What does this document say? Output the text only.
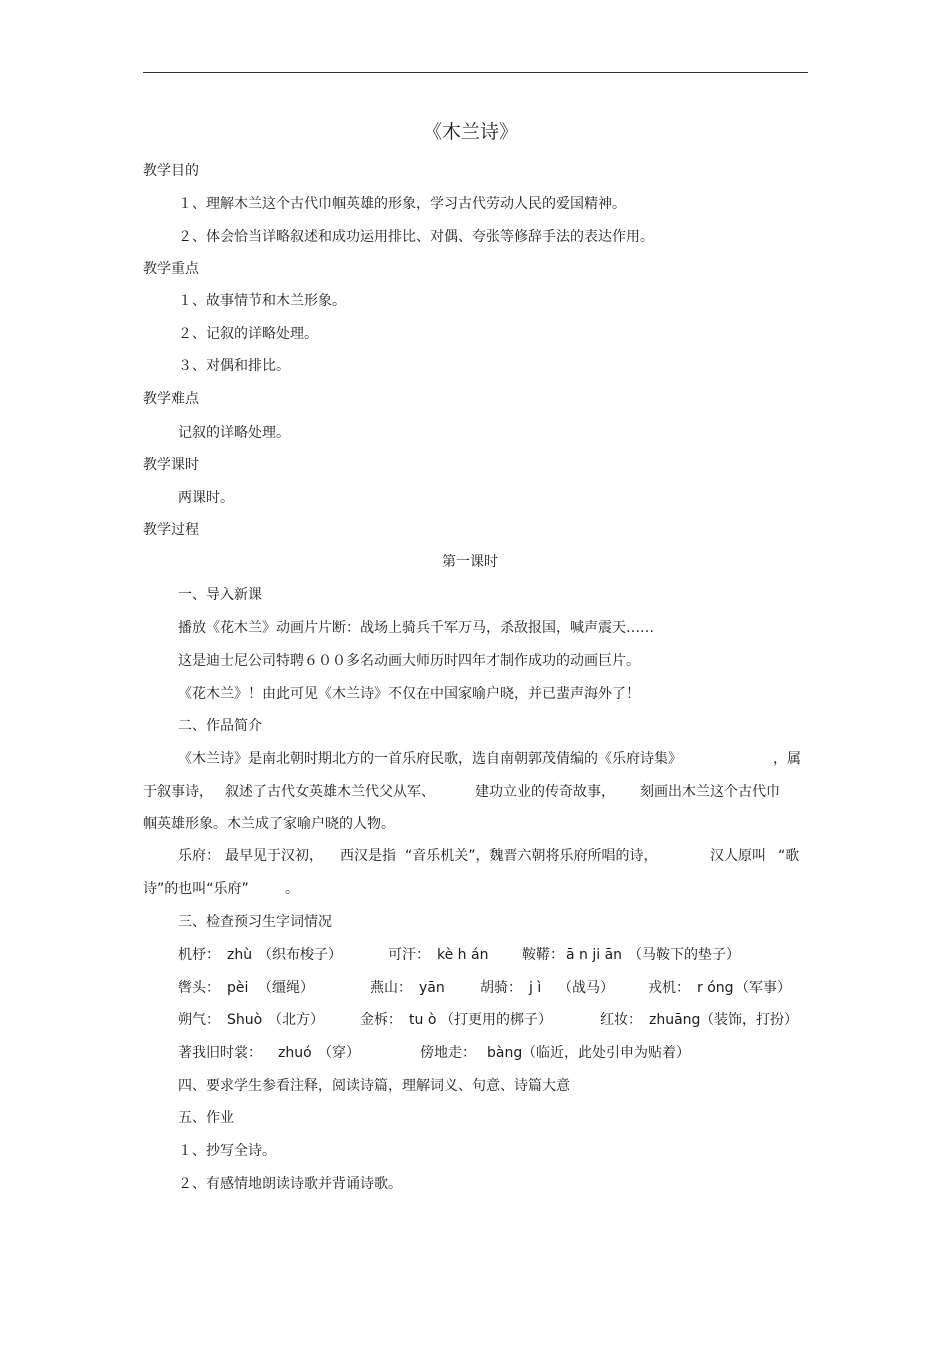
《木兰诗》
教学目的
１、理解木兰这个古代巾帼英雄的形象，学习古代劳动人民的爱国精神。
２、体会恰当详略叙述和成功运用排比、对偶、夸张等修辞手法的表达作用。
教学重点
１、故事情节和木兰形象。
２、记叙的详略处理。
３、对偶和排比。
教学难点
记叙的详略处理。
教学课时
两课时。
教学过程
第一课时
一、导入新课
播放《花木兰》动画片片断：战场上骑兵千军万马，杀敌报国，喊声震天……
这是迪士尼公司特聘６００多名动画大师历时四年才制作成功的动画巨片。
《花木兰》！由此可见《木兰诗》不仅在中国家喻户晓，并已蜚声海外了！
二、作品简介
《木兰诗》是南北朝时期北方的一首乐府民歌，选自南朝郭茂倩编的《乐府诗集》	，属
于叙事诗， 叙述了古代女英雄木兰代父从军、	建功立业的传奇故事， 刻画出木兰这个古代巾
帼英雄形象。木兰成了家喻户晓的人物。
乐府： 最早见于汉初， 西汉是指 “音乐机关”，魏晋六朝将乐府所唱的诗，	汉人原叫 “歌
诗”的也叫“乐府”	。
三、检查预习生字词情况
机杼： zhù （织布梭子）	可汗： kè h án 鞍鞯： ā n ji ān （马鞍下的垫子）
辔头： pèi （缰绳）	燕山： yān	胡骑： j ì （战马） 戎机： r óng （军事）
朔气： Shuò （北方）	金柝： tu ò （打更用的梆子）	红妆： zhuāng （装饰，打扮）
著我旧时裳： zhuó （穿）	傍地走： bàng （临近，此处引申为贴着）
四、要求学生参看注释，阅读诗篇，理解词义、句意、诗篇大意
五、作业
１、抄写全诗。
２、有感情地朗读诗歌并背诵诗歌。
